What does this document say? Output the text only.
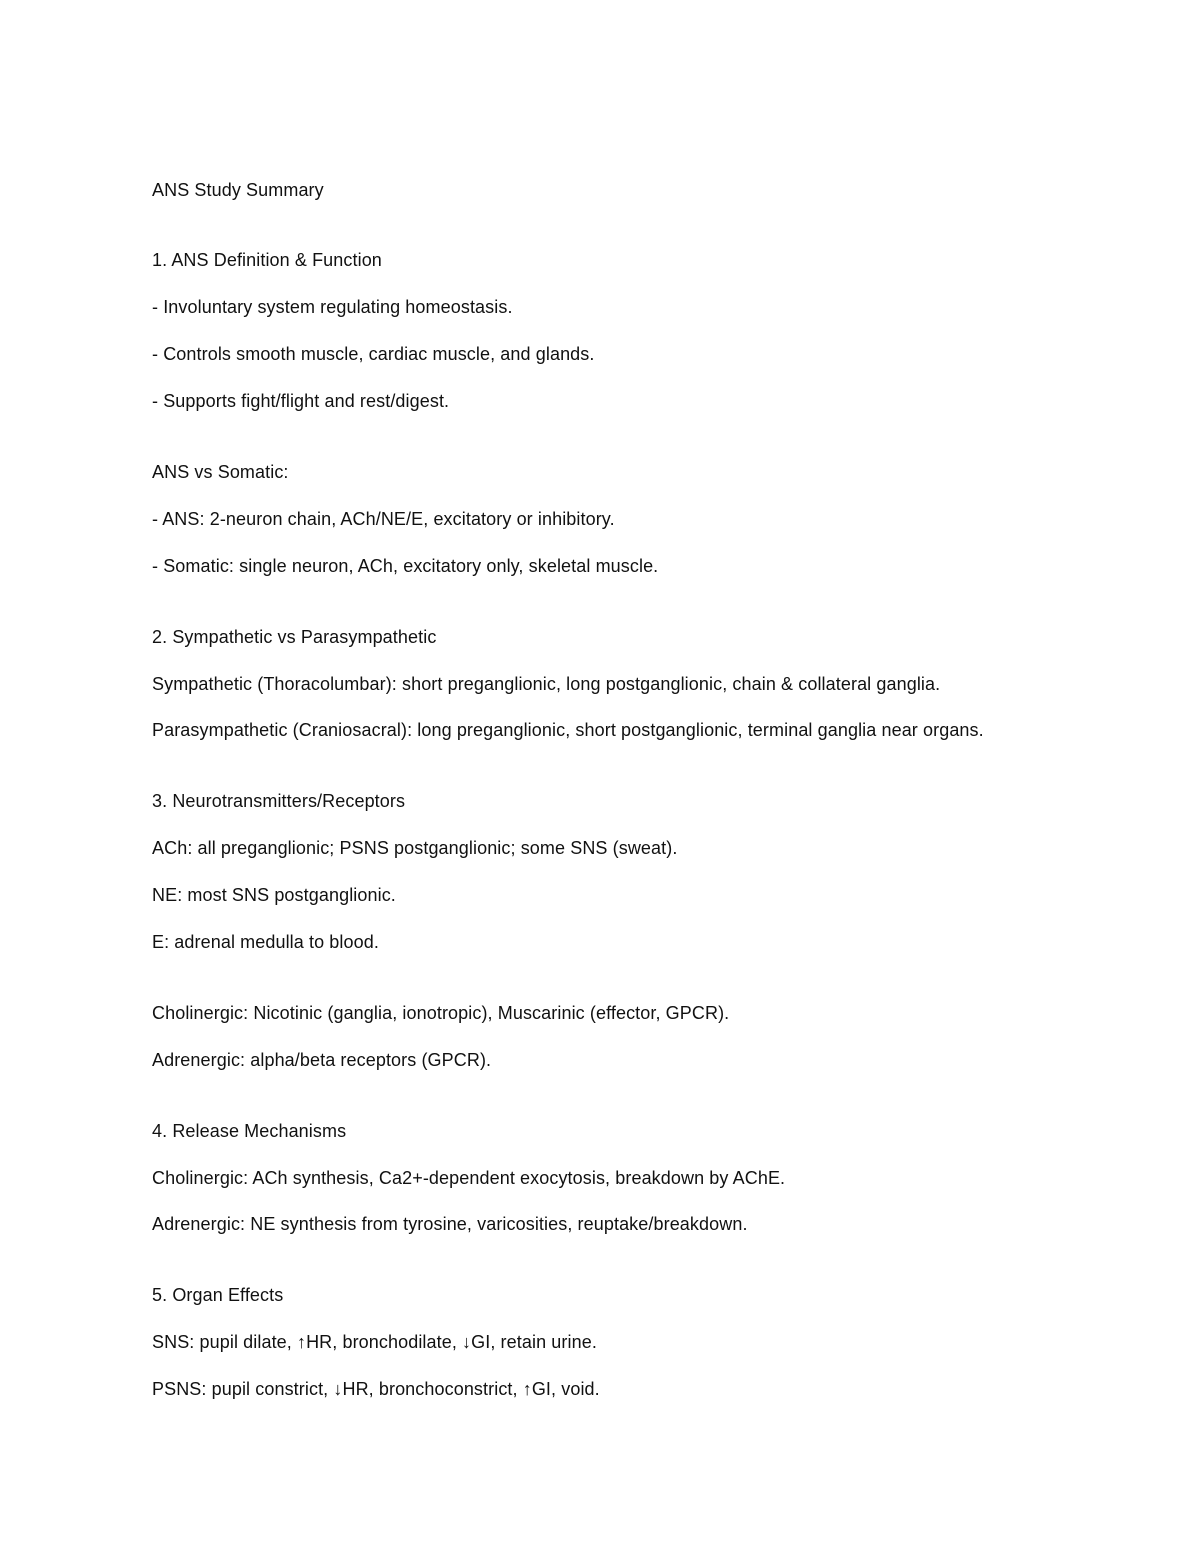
ANS Study Summary
1. ANS Definition & Function
- Involuntary system regulating homeostasis.
- Controls smooth muscle, cardiac muscle, and glands.
- Supports fight/flight and rest/digest.
ANS vs Somatic:
- ANS: 2-neuron chain, ACh/NE/E, excitatory or inhibitory.
- Somatic: single neuron, ACh, excitatory only, skeletal muscle.
2. Sympathetic vs Parasympathetic
Sympathetic (Thoracolumbar): short preganglionic, long postganglionic, chain & collateral ganglia.
Parasympathetic (Craniosacral): long preganglionic, short postganglionic, terminal ganglia near organs.
3. Neurotransmitters/Receptors
ACh: all preganglionic; PSNS postganglionic; some SNS (sweat).
NE: most SNS postganglionic.
E: adrenal medulla to blood.
Cholinergic: Nicotinic (ganglia, ionotropic), Muscarinic (effector, GPCR).
Adrenergic: alpha/beta receptors (GPCR).
4. Release Mechanisms
Cholinergic: ACh synthesis, Ca2+-dependent exocytosis, breakdown by AChE.
Adrenergic: NE synthesis from tyrosine, varicosities, reuptake/breakdown.
5. Organ Effects
SNS: pupil dilate, ↑HR, bronchodilate, ↓GI, retain urine.
PSNS: pupil constrict, ↓HR, bronchoconstrict, ↑GI, void.
